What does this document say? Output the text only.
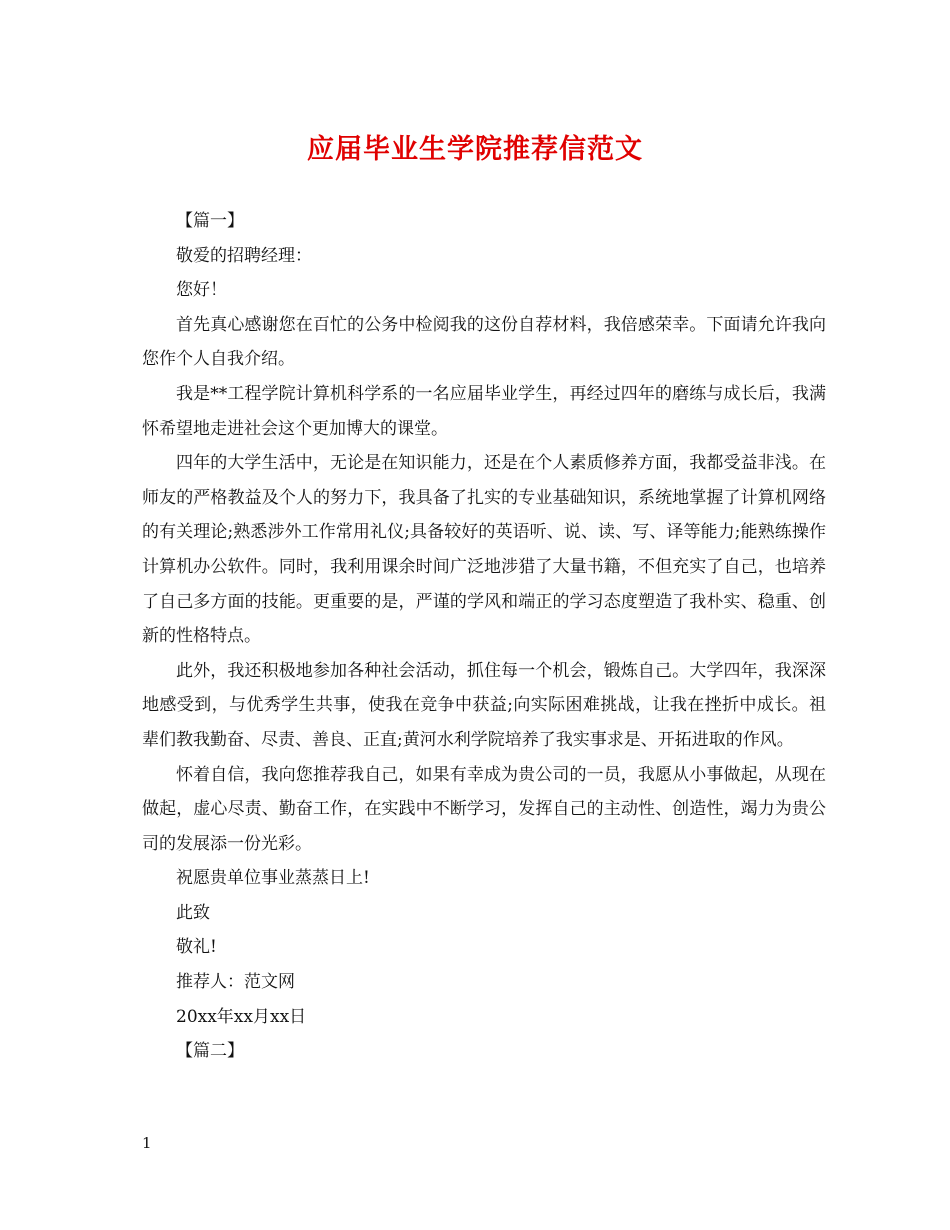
应届毕业生学院推荐信范文

【篇一】

敬爱的招聘经理：

您好！

首先真心感谢您在百忙的公务中检阅我的这份自荐材料，我倍感荣幸。下面请允许我向您作个人自我介绍。

我是**工程学院计算机科学系的一名应届毕业学生，再经过四年的磨练与成长后，我满怀希望地走进社会这个更加博大的课堂。

四年的大学生活中，无论是在知识能力，还是在个人素质修养方面，我都受益非浅。在师友的严格教益及个人的努力下，我具备了扎实的专业基础知识，系统地掌握了计算机网络的有关理论;熟悉涉外工作常用礼仪;具备较好的英语听、说、读、写、译等能力;能熟练操作计算机办公软件。同时，我利用课余时间广泛地涉猎了大量书籍，不但充实了自己，也培养了自己多方面的技能。更重要的是，严谨的学风和端正的学习态度塑造了我朴实、稳重、创新的性格特点。

此外，我还积极地参加各种社会活动，抓住每一个机会，锻炼自己。大学四年，我深深地感受到，与优秀学生共事，使我在竞争中获益;向实际困难挑战，让我在挫折中成长。祖辈们教我勤奋、尽责、善良、正直;黄河水利学院培养了我实事求是、开拓进取的作风。

怀着自信，我向您推荐我自己，如果有幸成为贵公司的一员，我愿从小事做起，从现在做起，虚心尽责、勤奋工作，在实践中不断学习，发挥自己的主动性、创造性，竭力为贵公司的发展添一份光彩。

祝愿贵单位事业蒸蒸日上!

此致

敬礼!

推荐人：范文网

20xx年xx月xx日

【篇二】

1
